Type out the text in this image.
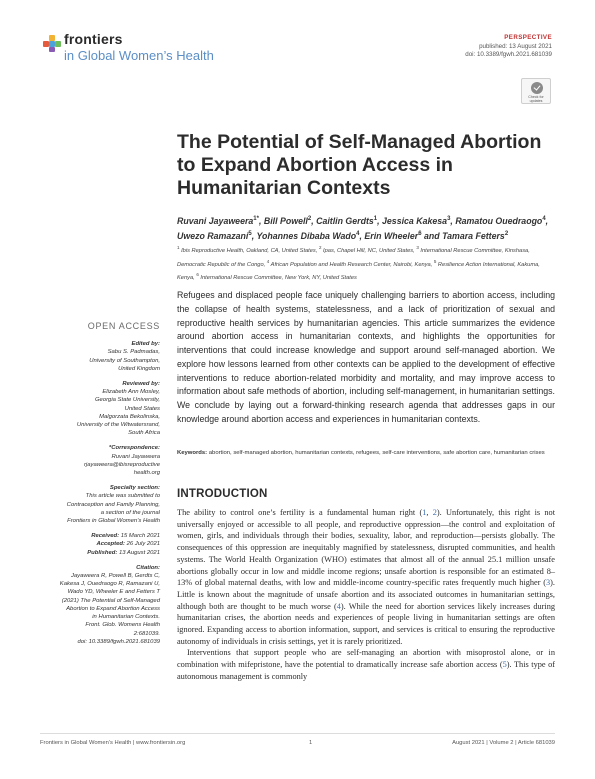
frontiers
in Global Women’s Health
PERSPECTIVE
published: 13 August 2021
doi: 10.3389/fgwh.2021.681039
Check for
updates
The Potential of Self-Managed Abortion to Expand Abortion Access in Humanitarian Contexts
Ruvani Jayaweera$^{1*}$, Bill Powell$^2$, Caitlin Gerdts$^1$, Jessica Kakesa$^3$, Ramatou Ouedraogo$^4$, Uwezo Ramazani$^5$, Yohannes Dibaba Wado$^4$, Erin Wheeler$^6$ and Tamara Fetters$^2$
$^1$ Ibis Reproductive Health, Oakland, CA, United States, $^2$ Ipas, Chapel Hill, NC, United States, $^3$ International Rescue Committee, Kinshasa, Democratic Republic of the Congo, $^4$ African Population and Health Research Center, Nairobi, Kenya, $^5$ Resilience Action International, Kakuma, Kenya, $^6$ International Rescue Committee, New York, NY, United States
Refugees and displaced people face uniquely challenging barriers to abortion access, including the collapse of health systems, statelessness, and a lack of prioritization of sexual and reproductive health services by humanitarian agencies. This article summarizes the evidence around abortion access in humanitarian contexts, and highlights the opportunities for interventions that could increase knowledge and support around self-managed abortion. We explore how lessons learned from other contexts can be applied to the development of effective interventions to reduce abortion-related morbidity and mortality, and may improve access to information about safe methods of abortion, including self-management, in humanitarian settings. We conclude by laying out a forward-thinking research agenda that addresses gaps in our knowledge around abortion access and experiences in humanitarian contexts.
Keywords: abortion, self-managed abortion, humanitarian contexts, refugees, self-care interventions, safe abortion care, humanitarian crises
OPEN ACCESS
Edited by:
Sabu S. Padmadas,
University of Southampton,
United Kingdom
Reviewed by:
Elizabeth Ann Mosley,
Georgia State University,
United States
Malgorzata Bekolinska,
University of the Witwatersrand,
South Africa
*Correspondence:
Ruvani Jayaweera
rjayaweera@ibisreproductive
health.org
Specialty section:
This article was submitted to
Contraception and Family Planning,
a section of the journal
Frontiers in Global Women’s Health
Received: 15 March 2021
Accepted: 26 July 2021
Published: 13 August 2021
Citation:
Jayaweera R, Powell B, Gerdts C,
Kakesa J, Ouedraogo R, Ramazani U,
Wado YD, Wheeler E and Fetters T
(2021) The Potential of Self-Managed
Abortion to Expand Abortion Access
in Humanitarian Contexts.
Front. Glob. Womens Health
2:681039.
doi: 10.3389/fgwh.2021.681039
INTRODUCTION

The ability to control one’s fertility is a fundamental human right (1, 2). Unfortunately, this right is not universally enjoyed or accessible to all people, and reproductive oppression—the control and exploitation of women, girls, and individuals through their bodies, sexuality, labor, and reproduction—persists globally. The consequences of this oppression are inequitably magnified by statelessness, disrupted communities, and health systems. The World Health Organization (WHO) estimates that almost all of the annual 25.1 million unsafe abortions globally occur in low and middle income regions; unsafe abortion is responsible for an estimated 8–13% of global maternal deaths, with low and middle-income country-specific rates frequently much higher (3). Little is known about the magnitude of unsafe abortion and its associated outcomes in humanitarian settings, although both are thought to be much worse (4). While the need for abortion services likely increases during humanitarian crises, the abortion needs and experiences of people living in humanitarian settings are often ignored. Expanding access to abortion information, support, and services is critical to ensuring the reproductive autonomy of individuals in crisis settings, yet it is rarely prioritized.

Interventions that support people who are self-managing an abortion with misoprostol alone, or in combination with mifepristone, have the potential to dramatically increase safe abortion access (5). This type of autonomous management is commonly

Frontiers in Global Women’s Health | www.frontiersin.org	1	August 2021 | Volume 2 | Article 681039
